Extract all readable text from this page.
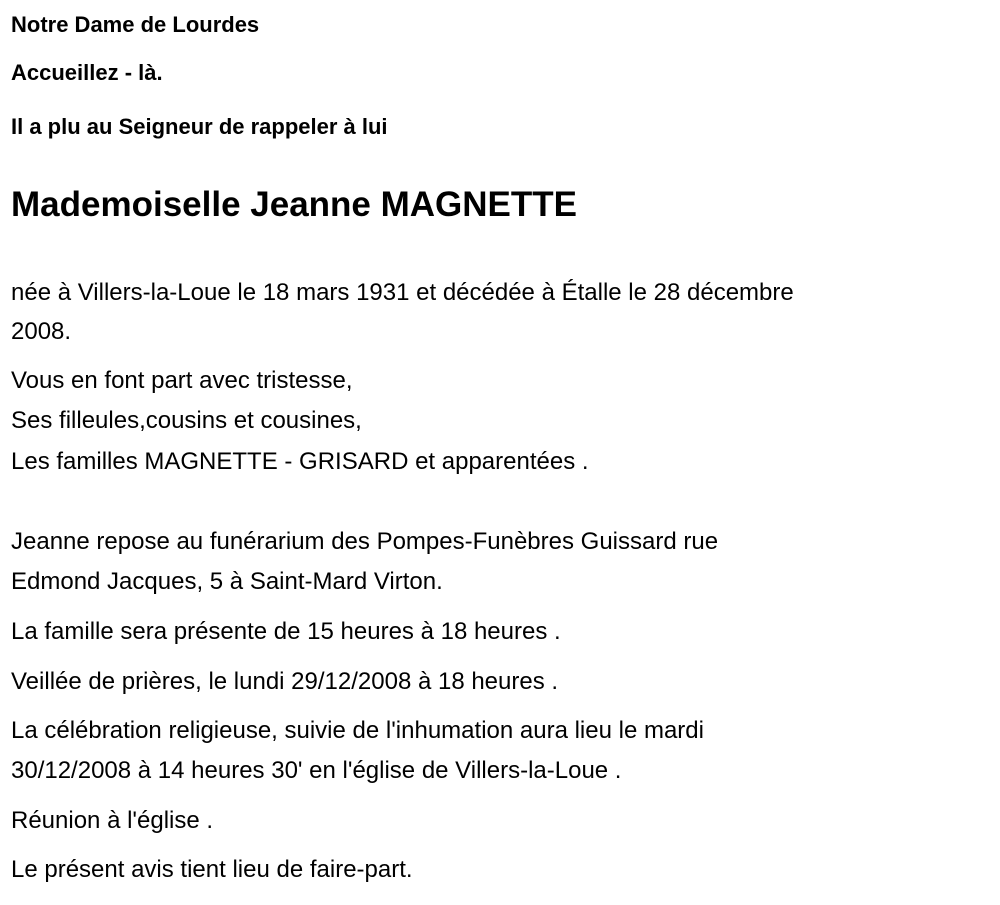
Notre Dame de Lourdes
Accueillez - là.
Il a plu au Seigneur de rappeler à lui
Mademoiselle Jeanne MAGNETTE
née à Villers-la-Loue le 18 mars 1931 et décédée à Étalle le 28 décembre
2008.
Vous en font part avec tristesse,
Ses filleules,cousins et cousines,
Les familles MAGNETTE - GRISARD et apparentées .
Jeanne repose au funérarium des Pompes-Funèbres Guissard rue
Edmond Jacques, 5 à Saint-Mard Virton.
La famille sera présente de 15 heures à 18 heures .
Veillée de prières, le lundi 29/12/2008 à 18 heures .
La célébration religieuse, suivie de l'inhumation aura lieu le mardi
30/12/2008 à 14 heures 30' en l'église de Villers-la-Loue .
Réunion à l'église .
Le présent avis tient lieu de faire-part.
